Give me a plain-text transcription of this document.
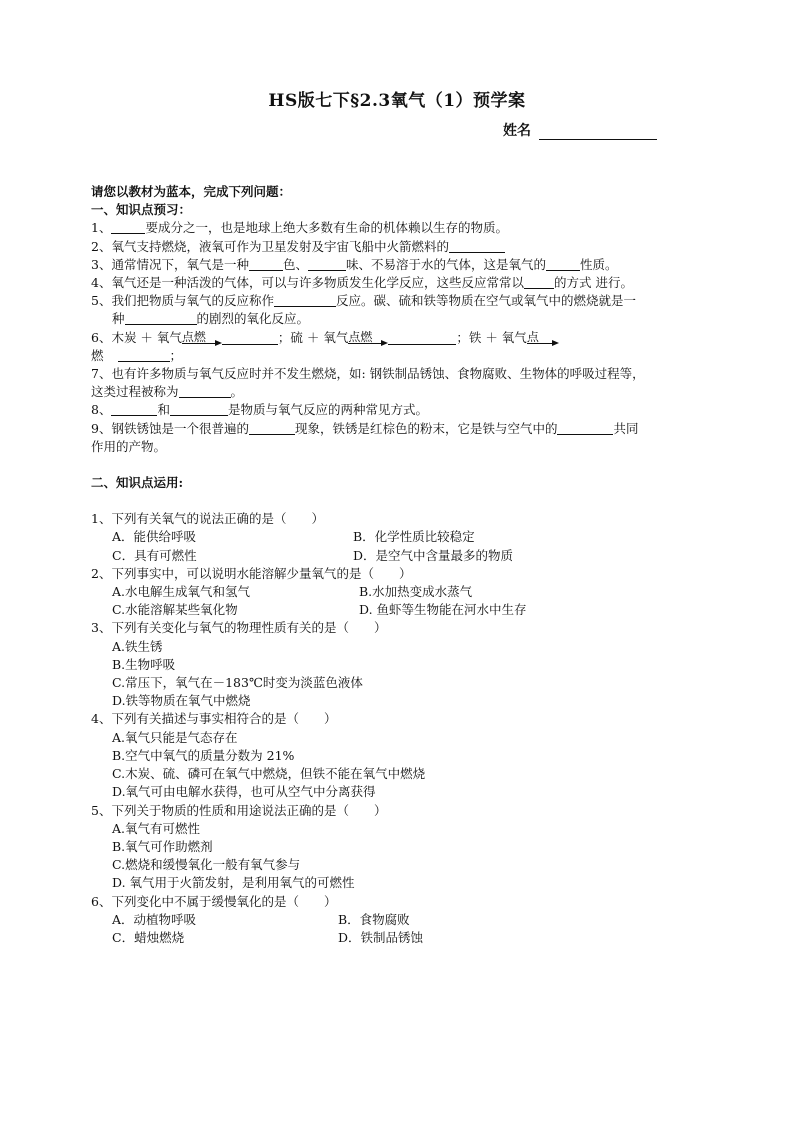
HS版七下§2.3氧气（1）预学案
姓名
请您以教材为蓝本，完成下列问题：
一、知识点预习：
1、	要成分之一，也是地球上绝大多数有生命的机体赖以生存的物质。
2、氧气支持燃烧，液氧可作为卫星发射及宇宙飞船中火箭燃料的
3、通常情况下，氧气是一种	色、	味、不易溶于水的气体，这是氧气的	性质。
4、氧气还是一种活泼的气体，可以与许多物质发生化学反应，这些反应常常以 的方式 进行。
5、我们把物质与氧气的反应称作	反应。碳、硫和铁等物质在空气或氧气中的燃烧就是一
种	的剧烈的氧化反应。
6、 木炭 ＋ 氧气 点燃	；硫 ＋ 氧气 点燃	；铁 ＋ 氧气 点
燃	；
7、也有许多物质与氧气反应时并不发生燃烧，如: 钢铁制品锈蚀、食物腐败、生物体的呼吸过程等，
这类过程被称为	。
8、	和	是物质与氧气反应的两种常见方式。
9、钢铁锈蚀是一个很普遍的	现象，铁锈是红棕色的粉末，它是铁与空气中的	共同
作用的产物。
二、知识点运用:
1、下列有关氧气的说法正确的是（　　）
A．能供给呼吸	B．化学性质比较稳定
C．具有可燃性	D．是空气中含量最多的物质
2、下列事实中，可以说明水能溶解少量氧气的是（　　）
A.水电解生成氧气和氢气	B.水加热变成水蒸气
C.水能溶解某些氧化物	D. 鱼虾等生物能在河水中生存
3、下列有关变化与氧气的物理性质有关的是（　　）
A.铁生锈
B.生物呼吸
C.常压下，氧气在－183℃时变为淡蓝色液体
D.铁等物质在氧气中燃烧
4、下列有关描述与事实相符合的是（　　）
A.氧气只能是气态存在
B.空气中氧气的质量分数为 21%
C.木炭、硫、磷可在氧气中燃烧，但铁不能在氧气中燃烧
D.氧气可由电解水获得，也可从空气中分离获得
5、下列关于物质的性质和用途说法正确的是（　　）
A.氧气有可燃性
B.氧气可作助燃剂
C.燃烧和缓慢氧化一般有氧气参与
D. 氧气用于火箭发射，是利用氧气的可燃性
6、下列变化中不属于缓慢氧化的是（　　）
A．动植物呼吸	B．食物腐败
C．蜡烛燃烧	D．铁制品锈蚀
